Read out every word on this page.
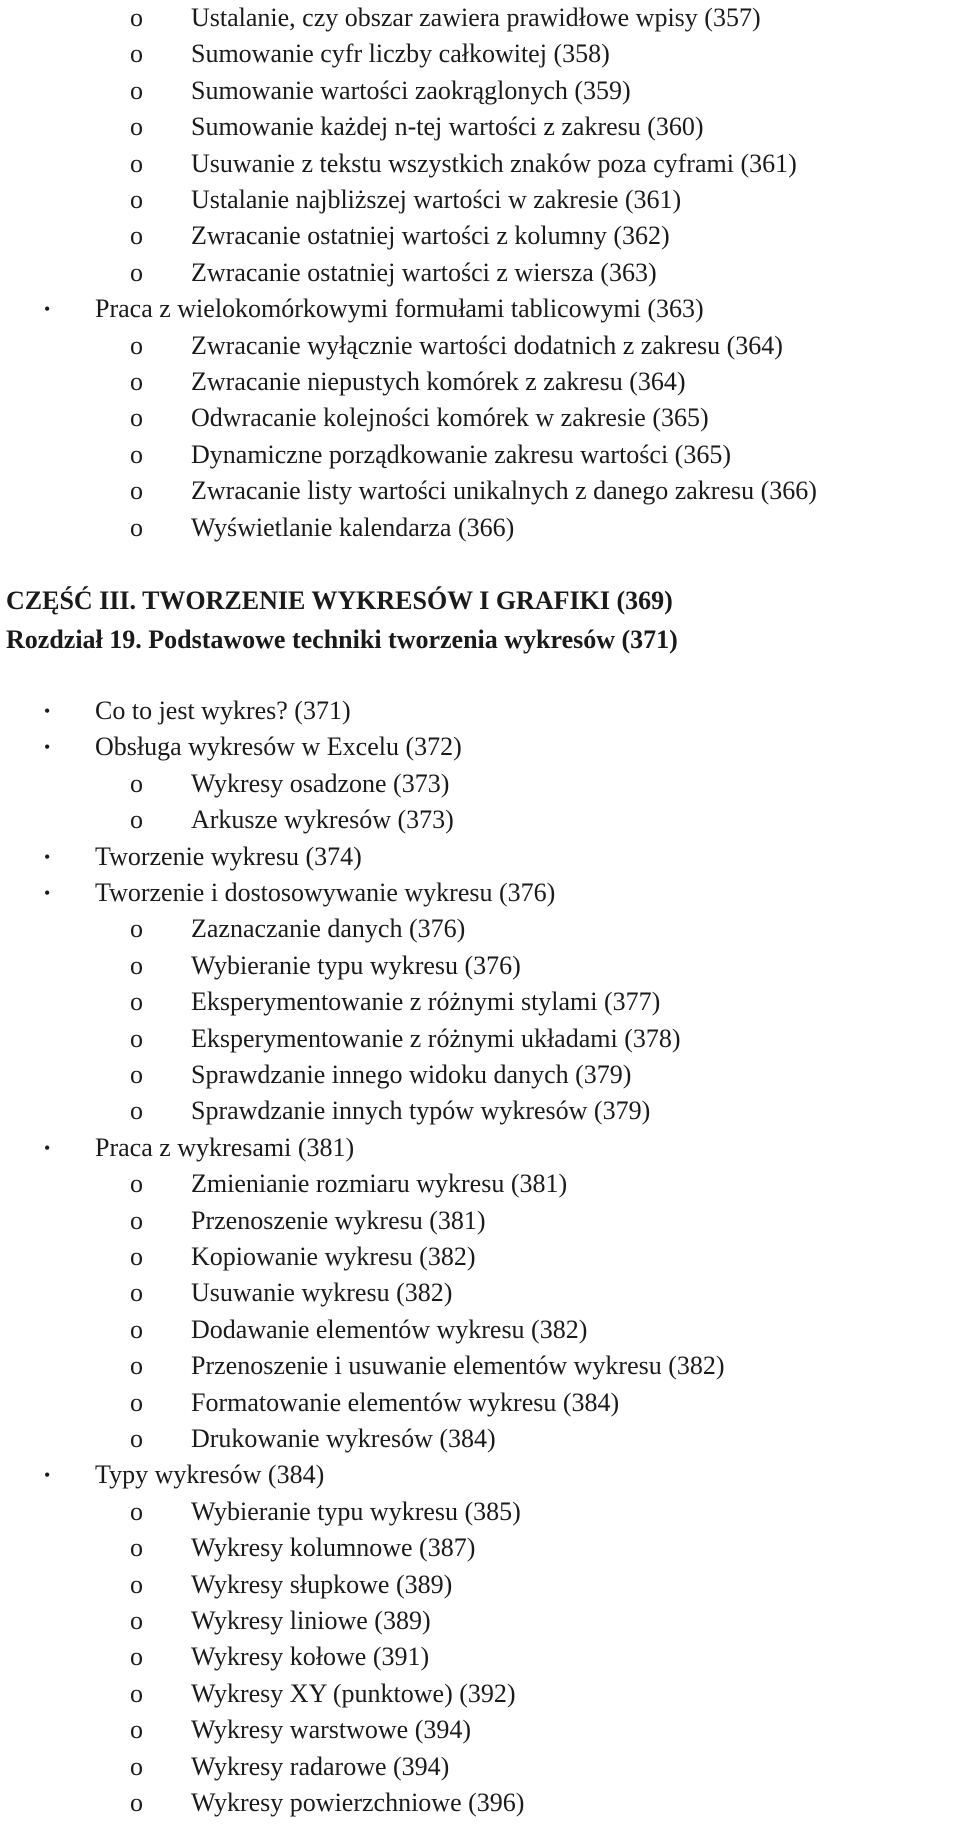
o Ustalanie, czy obszar zawiera prawidłowe wpisy (357)
o Sumowanie cyfr liczby całkowitej (358)
o Sumowanie wartości zaokrąglonych (359)
o Sumowanie każdej n-tej wartości z zakresu (360)
o Usuwanie z tekstu wszystkich znaków poza cyframi (361)
o Ustalanie najbliższej wartości w zakresie (361)
o Zwracanie ostatniej wartości z kolumny (362)
o Zwracanie ostatniej wartości z wiersza (363)
• Praca z wielokomórkowymi formułami tablicowymi (363)
o Zwracanie wyłącznie wartości dodatnich z zakresu (364)
o Zwracanie niepustych komórek z zakresu (364)
o Odwracanie kolejności komórek w zakresie (365)
o Dynamiczne porządkowanie zakresu wartości (365)
o Zwracanie listy wartości unikalnych z danego zakresu (366)
o Wyświetlanie kalendarza (366)
CZĘŚĆ III. TWORZENIE WYKRESÓW I GRAFIKI (369)
Rozdział 19. Podstawowe techniki tworzenia wykresów (371)
• Co to jest wykres? (371)
• Obsługa wykresów w Excelu (372)
o Wykresy osadzone (373)
o Arkusze wykresów (373)
• Tworzenie wykresu (374)
• Tworzenie i dostosowywanie wykresu (376)
o Zaznaczanie danych (376)
o Wybieranie typu wykresu (376)
o Eksperymentowanie z różnymi stylami (377)
o Eksperymentowanie z różnymi układami (378)
o Sprawdzanie innego widoku danych (379)
o Sprawdzanie innych typów wykresów (379)
• Praca z wykresami (381)
o Zmienianie rozmiaru wykresu (381)
o Przenoszenie wykresu (381)
o Kopiowanie wykresu (382)
o Usuwanie wykresu (382)
o Dodawanie elementów wykresu (382)
o Przenoszenie i usuwanie elementów wykresu (382)
o Formatowanie elementów wykresu (384)
o Drukowanie wykresów (384)
• Typy wykresów (384)
o Wybieranie typu wykresu (385)
o Wykresy kolumnowe (387)
o Wykresy słupkowe (389)
o Wykresy liniowe (389)
o Wykresy kołowe (391)
o Wykresy XY (punktowe) (392)
o Wykresy warstwowe (394)
o Wykresy radarowe (394)
o Wykresy powierzchniowe (396)
